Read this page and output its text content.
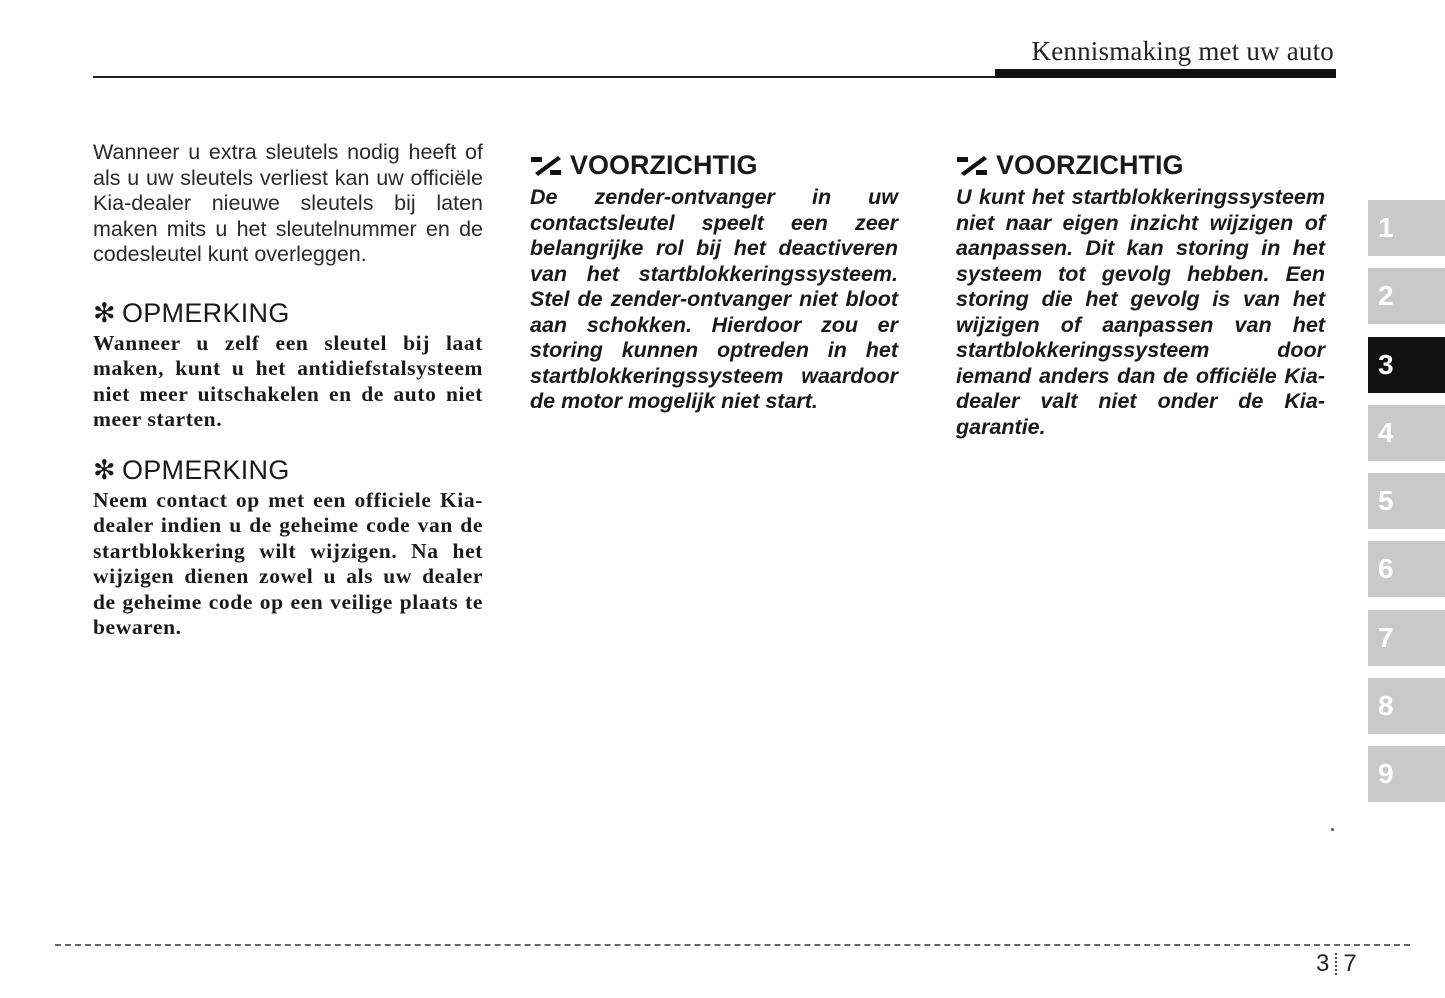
Kennismaking met uw auto

Wanneer u extra sleutels nodig heeft of als u uw sleutels verliest kan uw officiële Kia-dealer nieuwe sleutels bij laten maken mits u het sleutelnummer en de codesleutel kunt overleggen.

✻ OPMERKING

Wanneer u zelf een sleutel bij laat maken, kunt u het antidiefstalsysteem niet meer uitschakelen en de auto niet meer starten.

✻ OPMERKING

Neem contact op met een officiele Kia-dealer indien u de geheime code van de startblokkering wilt wijzigen. Na het wijzigen dienen zowel u als uw dealer de geheime code op een veilige plaats te bewaren.

VOORZICHTIG

De zender-ontvanger in uw contactsleutel speelt een zeer belangrijke rol bij het deactiveren van het startblokkeringssysteem. Stel de zender-ontvanger niet bloot aan schokken. Hierdoor zou er storing kunnen optreden in het startblokkeringssysteem waardoor de motor mogelijk niet start.

VOORZICHTIG

U kunt het startblokkeringssysteem niet naar eigen inzicht wijzigen of aanpassen. Dit kan storing in het systeem tot gevolg hebben. Een storing die het gevolg is van het wijzigen of aanpassen van het startblokkeringssysteem door iemand anders dan de officiële Kia-dealer valt niet onder de Kia-garantie.

1
2
3
4
5
6
7
8
9
3 7
